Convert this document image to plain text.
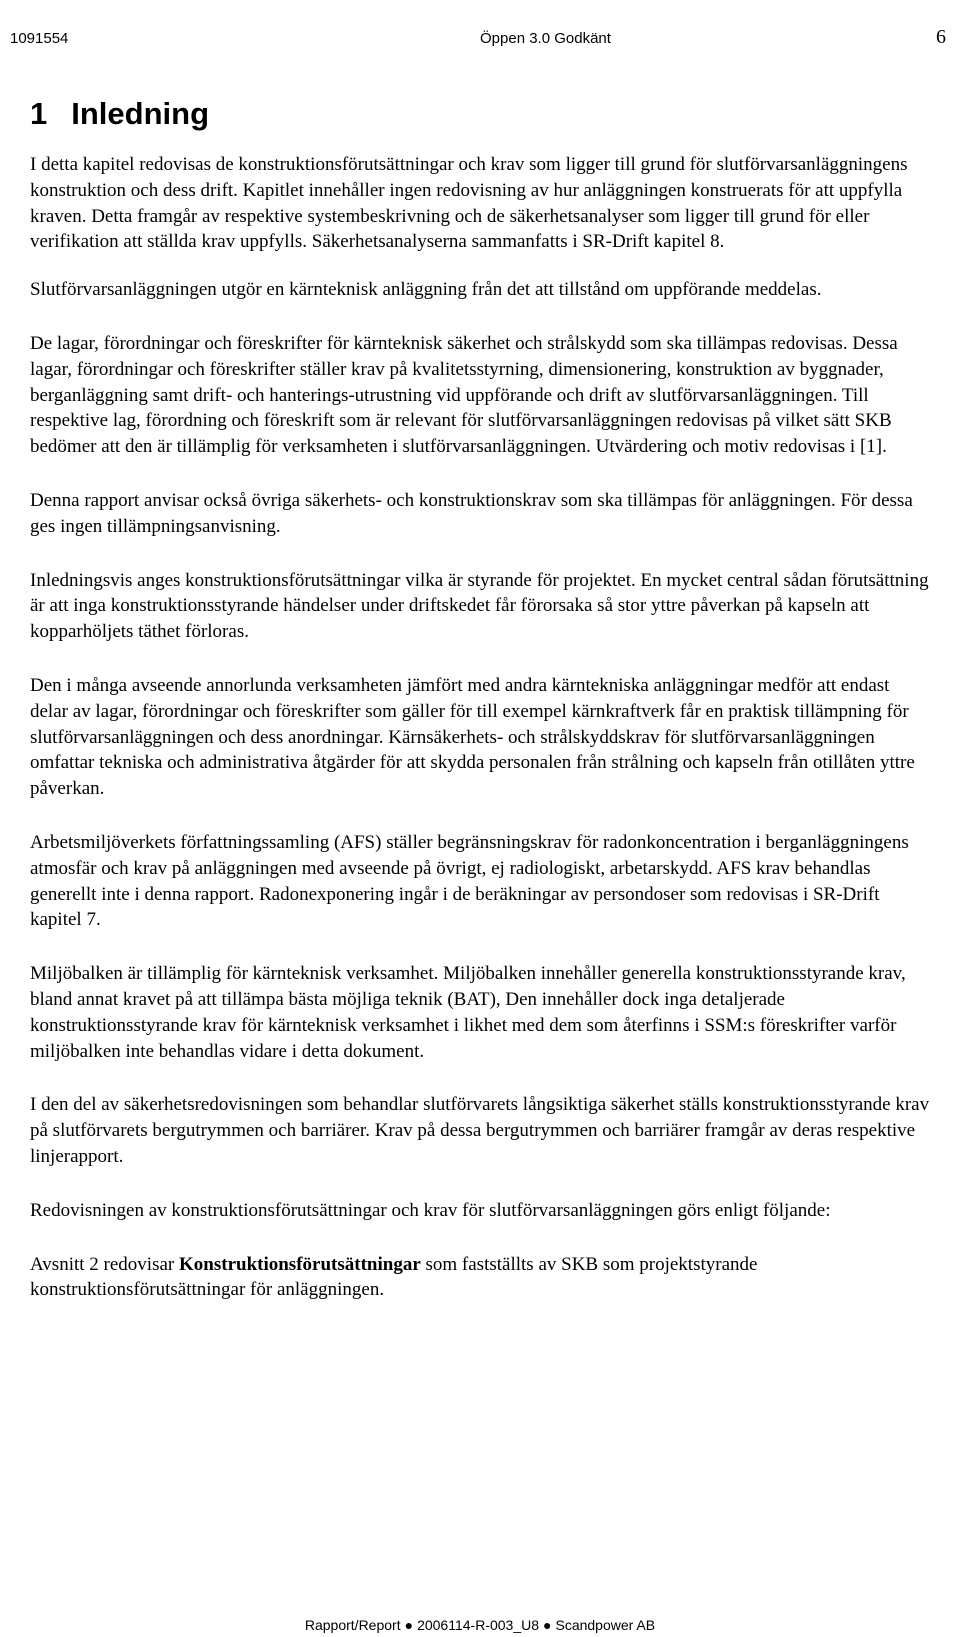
1091554	Öppen 3.0 Godkänt	6
1 Inledning

I detta kapitel redovisas de konstruktionsförutsättningar och krav som ligger till grund för slutförvarsanläggningens konstruktion och dess drift. Kapitlet innehåller ingen redovisning av hur anläggningen konstruerats för att uppfylla kraven. Detta framgår av respektive systembeskrivning och de säkerhetsanalyser som ligger till grund för eller verifikation att ställda krav uppfylls. Säkerhetsanalyserna sammanfatts i SR-Drift kapitel 8.

Slutförvarsanläggningen utgör en kärnteknisk anläggning från det att tillstånd om uppförande meddelas.

De lagar, förordningar och föreskrifter för kärnteknisk säkerhet och strålskydd som ska tillämpas redovisas. Dessa lagar, förordningar och föreskrifter ställer krav på kvalitetsstyrning, dimensionering, konstruktion av byggnader, berganläggning samt drift- och hanterings-utrustning vid uppförande och drift av slutförvarsanläggningen. Till respektive lag, förordning och föreskrift som är relevant för slutförvarsanläggningen redovisas på vilket sätt SKB bedömer att den är tillämplig för verksamheten i slutförvarsanläggningen. Utvärdering och motiv redovisas i [1].

Denna rapport anvisar också övriga säkerhets- och konstruktionskrav som ska tillämpas för anläggningen. För dessa ges ingen tillämpningsanvisning.

Inledningsvis anges konstruktionsförutsättningar vilka är styrande för projektet. En mycket central sådan förutsättning är att inga konstruktionsstyrande händelser under driftskedet får förorsaka så stor yttre påverkan på kapseln att kopparhöljets täthet förloras.

Den i många avseende annorlunda verksamheten jämfört med andra kärntekniska anläggningar medför att endast delar av lagar, förordningar och föreskrifter som gäller för till exempel kärnkraftverk får en praktisk tillämpning för slutförvarsanläggningen och dess anordningar. Kärnsäkerhets- och strålskyddskrav för slutförvarsanläggningen omfattar tekniska och administrativa åtgärder för att skydda personalen från strålning och kapseln från otillåten yttre påverkan.

Arbetsmiljöverkets författningssamling (AFS) ställer begränsningskrav för radonkoncentration i berganläggningens atmosfär och krav på anläggningen med avseende på övrigt, ej radiologiskt, arbetarskydd. AFS krav behandlas generellt inte i denna rapport. Radonexponering ingår i de beräkningar av persondoser som redovisas i SR-Drift kapitel 7.

Miljöbalken är tillämplig för kärnteknisk verksamhet. Miljöbalken innehåller generella konstruktionsstyrande krav, bland annat kravet på att tillämpa bästa möjliga teknik (BAT), Den innehåller dock inga detaljerade konstruktionsstyrande krav för kärnteknisk verksamhet i likhet med dem som återfinns i SSM:s föreskrifter varför miljöbalken inte behandlas vidare i detta dokument.

I den del av säkerhetsredovisningen som behandlar slutförvarets långsiktiga säkerhet ställs konstruktionsstyrande krav på slutförvarets bergutrymmen och barriärer. Krav på dessa bergutrymmen och barriärer framgår av deras respektive linjerapport.

Redovisningen av konstruktionsförutsättningar och krav för slutförvarsanläggningen görs enligt följande:

Avsnitt 2 redovisar Konstruktionsförutsättningar som fastställts av SKB som projektstyrande konstruktionsförutsättningar för anläggningen.

Rapport/Report ● 2006114-R-003_U8 ● Scandpower AB
